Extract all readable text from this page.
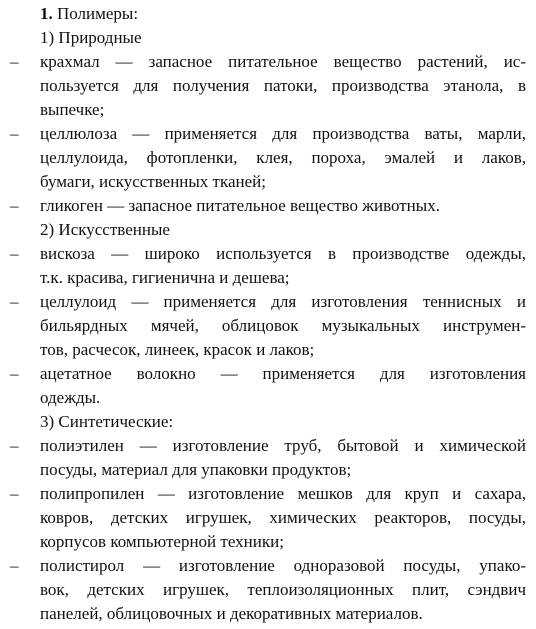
1. Полимеры:
1) Природные
– крахмал — запасное питательное вещество растений, ис-
пользуется для получения патоки, производства этанола, в
выпечке;
– целлюлоза — применяется для производства ваты, марли,
целлулоида, фотопленки, клея, пороха, эмалей и лаков,
бумаги, искусственных тканей;
– гликоген — запасное питательное вещество животных.
2) Искусственные
– вискоза — широко используется в производстве одежды,
т.к. красива, гигиенична и дешева;
– целлулоид — применяется для изготовления теннисных и
бильярдных мячей, облицовок музыкальных инструмен-
тов, расчесок, линеек, красок и лаков;
– ацетатное волокно — применяется для изготовления
одежды.
3) Синтетические:
– полиэтилен — изготовление труб, бытовой и химической
посуды, материал для упаковки продуктов;
– полипропилен — изготовление мешков для круп и сахара,
ковров, детских игрушек, химических реакторов, посуды,
корпусов компьютерной техники;
– полистирол — изготовление одноразовой посуды, упако-
вок, детских игрушек, теплоизоляционных плит, сэндвич
панелей, облицовочных и декоративных материалов.
